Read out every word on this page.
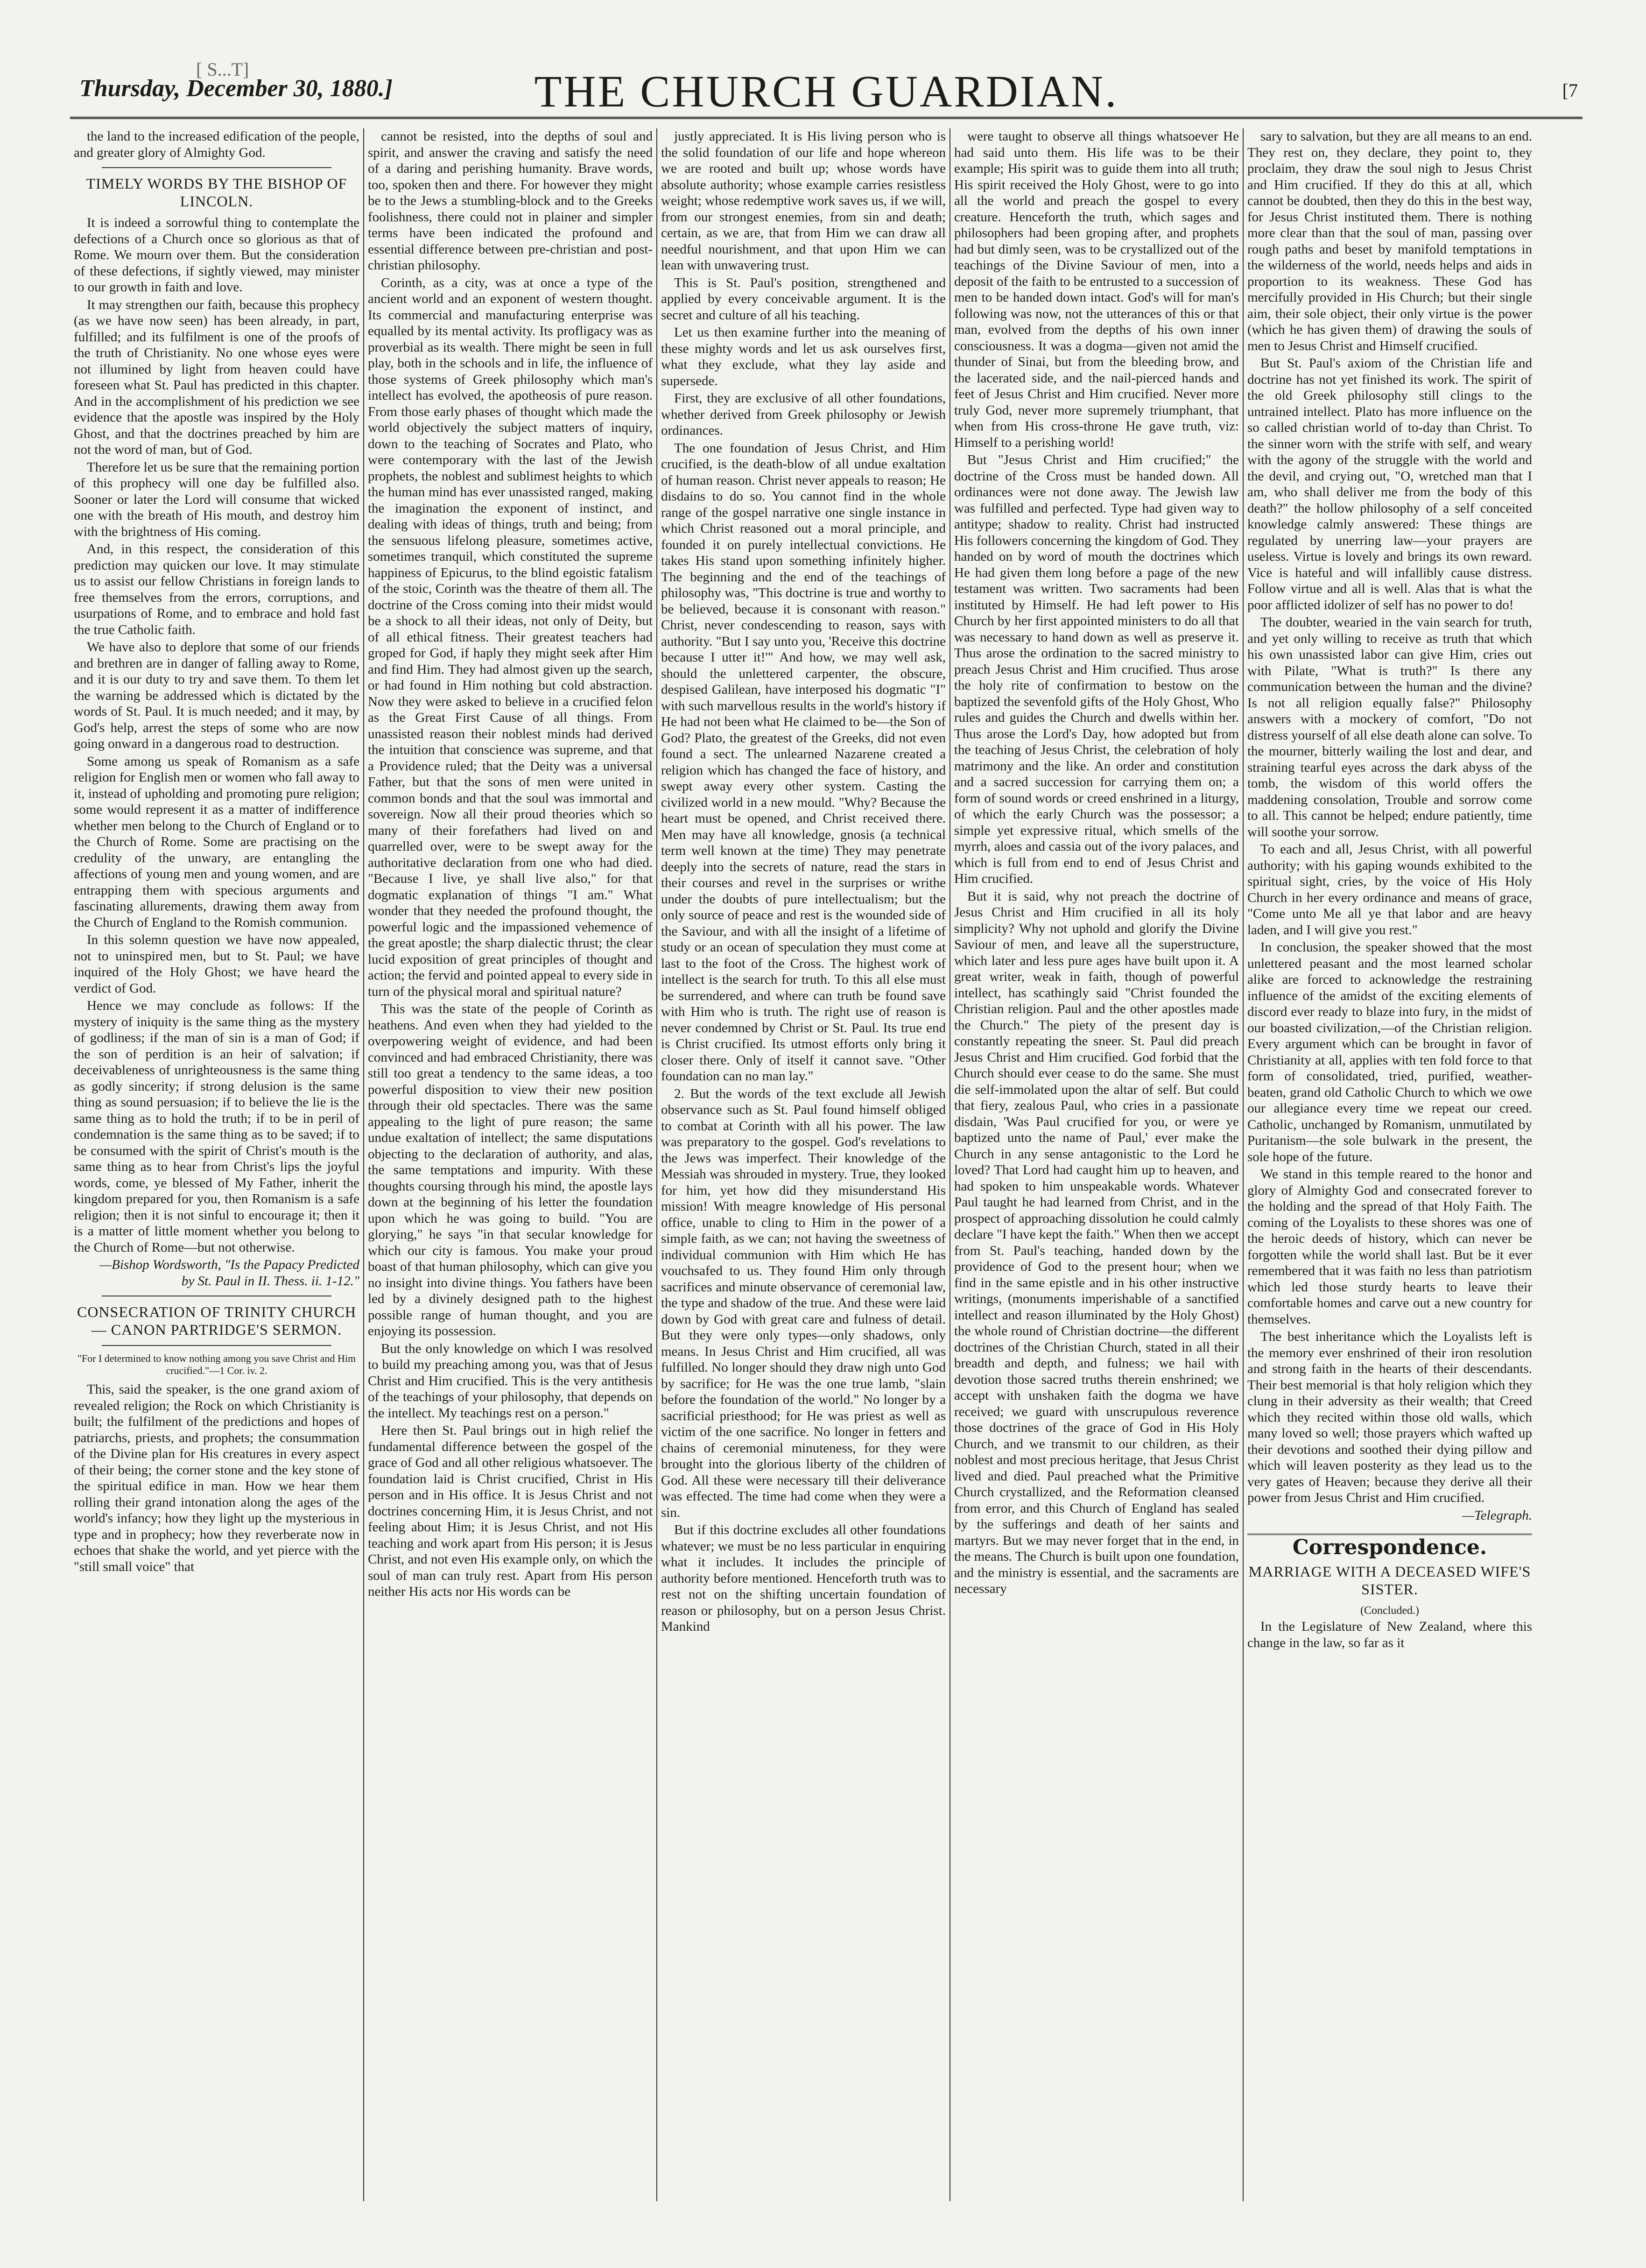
[ S...T]
Thursday, December 30, 1880.]	THE CHURCH GUARDIAN.	[7

the land to the increased edification of the people, and greater glory of Almighty God.

TIMELY WORDS BY THE BISHOP OF LINCOLN.

It is indeed a sorrowful thing to contemplate the defections of a Church once so glorious as that of Rome. We mourn over them. But the consideration of these defections, if sightly viewed, may minister to our growth in faith and love.

It may strengthen our faith, because this prophecy (as we have now seen) has been already, in part, fulfilled; and its fulfilment is one of the proofs of the truth of Christianity. No one whose eyes were not illumined by light from heaven could have foreseen what St. Paul has predicted in this chapter. And in the accomplishment of his prediction we see evidence that the apostle was inspired by the Holy Ghost, and that the doctrines preached by him are not the word of man, but of God.

Therefore let us be sure that the remaining portion of this prophecy will one day be fulfilled also. Sooner or later the Lord will consume that wicked one with the breath of His mouth, and destroy him with the brightness of His coming.

And, in this respect, the consideration of this prediction may quicken our love. It may stimulate us to assist our fellow Christians in foreign lands to free themselves from the errors, corruptions, and usurpations of Rome, and to embrace and hold fast the true Catholic faith.

We have also to deplore that some of our friends and brethren are in danger of falling away to Rome, and it is our duty to try and save them. To them let the warning be addressed which is dictated by the words of St. Paul. It is much needed; and it may, by God's help, arrest the steps of some who are now going onward in a dangerous road to destruction.

Some among us speak of Romanism as a safe religion for English men or women who fall away to it, instead of upholding and promoting pure religion; some would represent it as a matter of indifference whether men belong to the Church of England or to the Church of Rome. Some are practising on the credulity of the unwary, are entangling the affections of young men and young women, and are entrapping them with specious arguments and fascinating allurements, drawing them away from the Church of England to the Romish communion.

In this solemn question we have now appealed, not to uninspired men, but to St. Paul; we have inquired of the Holy Ghost; we have heard the verdict of God.

Hence we may conclude as follows: If the mystery of iniquity is the same thing as the mystery of godliness; if the man of sin is a man of God; if the son of perdition is an heir of salvation; if deceivableness of unrighteousness is the same thing as godly sincerity; if strong delusion is the same thing as sound persuasion; if to believe the lie is the same thing as to hold the truth; if to be in peril of condemnation is the same thing as to be saved; if to be consumed with the spirit of Christ's mouth is the same thing as to hear from Christ's lips the joyful words, come, ye blessed of My Father, inherit the kingdom prepared for you, then Romanism is a safe religion; then it is not sinful to encourage it; then it is a matter of little moment whether you belong to the Church of Rome—but not otherwise.

—Bishop Wordsworth, "Is the Papacy Predicted by St. Paul in II. Thess. ii. 1-12."

CONSECRATION OF TRINITY CHURCH — CANON PARTRIDGE'S SERMON.
"For I determined to know nothing among you save Christ and Him crucified."—1 Cor. iv. 2.

This, said the speaker, is the one grand axiom of revealed religion; the Rock on which Christianity is built; the fulfilment of the predictions and hopes of patriarchs, priests, and prophets; the consummation of the Divine plan for His creatures in every aspect of their being; the corner stone and the key stone of the spiritual edifice in man. How we hear them rolling their grand intonation along the ages of the world's infancy; how they light up the mysterious in type and in prophecy; how they reverberate now in echoes that shake the world, and yet pierce with the "still small voice" that

cannot be resisted, into the depths of soul and spirit, and answer the craving and satisfy the need of a daring and perishing humanity. Brave words, too, spoken then and there. For however they might be to the Jews a stumbling-block and to the Greeks foolishness, there could not in plainer and simpler terms have been indicated the profound and essential difference between pre-christian and post-christian philosophy.

Corinth, as a city, was at once a type of the ancient world and an exponent of western thought. Its commercial and manufacturing enterprise was equalled by its mental activity. Its profligacy was as proverbial as its wealth. There might be seen in full play, both in the schools and in life, the influence of those systems of Greek philosophy which man's intellect has evolved, the apotheosis of pure reason. From those early phases of thought which made the world objectively the subject matters of inquiry, down to the teaching of Socrates and Plato, who were contemporary with the last of the Jewish prophets, the noblest and sublimest heights to which the human mind has ever unassisted ranged, making the imagination the exponent of instinct, and dealing with ideas of things, truth and being; from the sensuous lifelong pleasure, sometimes active, sometimes tranquil, which constituted the supreme happiness of Epicurus, to the blind egoistic fatalism of the stoic, Corinth was the theatre of them all. The doctrine of the Cross coming into their midst would be a shock to all their ideas, not only of Deity, but of all ethical fitness. Their greatest teachers had groped for God, if haply they might seek after Him and find Him. They had almost given up the search, or had found in Him nothing but cold abstraction. Now they were asked to believe in a crucified felon as the Great First Cause of all things. From unassisted reason their noblest minds had derived the intuition that conscience was supreme, and that a Providence ruled; that the Deity was a universal Father, but that the sons of men were united in common bonds and that the soul was immortal and sovereign. Now all their proud theories which so many of their forefathers had lived on and quarrelled over, were to be swept away for the authoritative declaration from one who had died. "Because I live, ye shall live also," for that dogmatic explanation of things "I am." What wonder that they needed the profound thought, the powerful logic and the impassioned vehemence of the great apostle; the sharp dialectic thrust; the clear lucid exposition of great principles of thought and action; the fervid and pointed appeal to every side in turn of the physical moral and spiritual nature?

This was the state of the people of Corinth as heathens. And even when they had yielded to the overpowering weight of evidence, and had been convinced and had embraced Christianity, there was still too great a tendency to the same ideas, a too powerful disposition to view their new position through their old spectacles. There was the same appealing to the light of pure reason; the same undue exaltation of intellect; the same disputations objecting to the declaration of authority, and alas, the same temptations and impurity. With these thoughts coursing through his mind, the apostle lays down at the beginning of his letter the foundation upon which he was going to build. "You are glorying," he says "in that secular knowledge for which our city is famous. You make your proud boast of that human philosophy, which can give you no insight into divine things. You fathers have been led by a divinely designed path to the highest possible range of human thought, and you are enjoying its possession.

But the only knowledge on which I was resolved to build my preaching among you, was that of Jesus Christ and Him crucified. This is the very antithesis of the teachings of your philosophy, that depends on the intellect. My teachings rest on a person."

Here then St. Paul brings out in high relief the fundamental difference between the gospel of the grace of God and all other religious whatsoever. The foundation laid is Christ crucified, Christ in His person and in His office. It is Jesus Christ and not doctrines concerning Him, it is Jesus Christ, and not feeling about Him; it is Jesus Christ, and not His teaching and work apart from His person; it is Jesus Christ, and not even His example only, on which the soul of man can truly rest. Apart from His person neither His acts nor His words can be

justly appreciated. It is His living person who is the solid foundation of our life and hope whereon we are rooted and built up; whose words have absolute authority; whose example carries resistless weight; whose redemptive work saves us, if we will, from our strongest enemies, from sin and death; certain, as we are, that from Him we can draw all needful nourishment, and that upon Him we can lean with unwavering trust.

This is St. Paul's position, strengthened and applied by every conceivable argument. It is the secret and culture of all his teaching.

Let us then examine further into the meaning of these mighty words and let us ask ourselves first, what they exclude, what they lay aside and supersede.

First, they are exclusive of all other foundations, whether derived from Greek philosophy or Jewish ordinances.

The one foundation of Jesus Christ, and Him crucified, is the death-blow of all undue exaltation of human reason. Christ never appeals to reason; He disdains to do so. You cannot find in the whole range of the gospel narrative one single instance in which Christ reasoned out a moral principle, and founded it on purely intellectual convictions. He takes His stand upon something infinitely higher. The beginning and the end of the teachings of philosophy was, "This doctrine is true and worthy to be believed, because it is consonant with reason." Christ, never condescending to reason, says with authority. "But I say unto you, 'Receive this doctrine because I utter it!'" And how, we may well ask, should the unlettered carpenter, the obscure, despised Galilean, have interposed his dogmatic "I" with such marvellous results in the world's history if He had not been what He claimed to be—the Son of God? Plato, the greatest of the Greeks, did not even found a sect. The unlearned Nazarene created a religion which has changed the face of history, and swept away every other system. Casting the civilized world in a new mould. "Why? Because the heart must be opened, and Christ received there. Men may have all knowledge, gnosis (a technical term well known at the time) They may penetrate deeply into the secrets of nature, read the stars in their courses and revel in the surprises or writhe under the doubts of pure intellectualism; but the only source of peace and rest is the wounded side of the Saviour, and with all the insight of a lifetime of study or an ocean of speculation they must come at last to the foot of the Cross. The highest work of intellect is the search for truth. To this all else must be surrendered, and where can truth be found save with Him who is truth. The right use of reason is never condemned by Christ or St. Paul. Its true end is Christ crucified. Its utmost efforts only bring it closer there. Only of itself it cannot save. "Other foundation can no man lay."

2. But the words of the text exclude all Jewish observance such as St. Paul found himself obliged to combat at Corinth with all his power. The law was preparatory to the gospel. God's revelations to the Jews was imperfect. Their knowledge of the Messiah was shrouded in mystery. True, they looked for him, yet how did they misunderstand His mission! With meagre knowledge of His personal office, unable to cling to Him in the power of a simple faith, as we can; not having the sweetness of individual communion with Him which He has vouchsafed to us. They found Him only through sacrifices and minute observance of ceremonial law, the type and shadow of the true. And these were laid down by God with great care and fulness of detail. But they were only types—only shadows, only means. In Jesus Christ and Him crucified, all was fulfilled. No longer should they draw nigh unto God by sacrifice; for He was the one true lamb, "slain before the foundation of the world." No longer by a sacrificial priesthood; for He was priest as well as victim of the one sacrifice. No longer in fetters and chains of ceremonial minuteness, for they were brought into the glorious liberty of the children of God. All these were necessary till their deliverance was effected. The time had come when they were a sin.

But if this doctrine excludes all other foundations whatever; we must be no less particular in enquiring what it includes. It includes the principle of authority before mentioned. Henceforth truth was to rest not on the shifting uncertain foundation of reason or philosophy, but on a person Jesus Christ. Mankind

were taught to observe all things whatsoever He had said unto them. His life was to be their example; His spirit was to guide them into all truth; His spirit received the Holy Ghost, were to go into all the world and preach the gospel to every creature. Henceforth the truth, which sages and philosophers had been groping after, and prophets had but dimly seen, was to be crystallized out of the teachings of the Divine Saviour of men, into a deposit of the faith to be entrusted to a succession of men to be handed down intact. God's will for man's following was now, not the utterances of this or that man, evolved from the depths of his own inner consciousness. It was a dogma—given not amid the thunder of Sinai, but from the bleeding brow, and the lacerated side, and the nail-pierced hands and feet of Jesus Christ and Him crucified. Never more truly God, never more supremely triumphant, that when from His cross-throne He gave truth, viz: Himself to a perishing world!

But "Jesus Christ and Him crucified;" the doctrine of the Cross must be handed down. All ordinances were not done away. The Jewish law was fulfilled and perfected. Type had given way to antitype; shadow to reality. Christ had instructed His followers concerning the kingdom of God. They handed on by word of mouth the doctrines which He had given them long before a page of the new testament was written. Two sacraments had been instituted by Himself. He had left power to His Church by her first appointed ministers to do all that was necessary to hand down as well as preserve it. Thus arose the ordination to the sacred ministry to preach Jesus Christ and Him crucified. Thus arose the holy rite of confirmation to bestow on the baptized the sevenfold gifts of the Holy Ghost, Who rules and guides the Church and dwells within her. Thus arose the Lord's Day, how adopted but from the teaching of Jesus Christ, the celebration of holy matrimony and the like. An order and constitution and a sacred succession for carrying them on; a form of sound words or creed enshrined in a liturgy, of which the early Church was the possessor; a simple yet expressive ritual, which smells of the myrrh, aloes and cassia out of the ivory palaces, and which is full from end to end of Jesus Christ and Him crucified.

But it is said, why not preach the doctrine of Jesus Christ and Him crucified in all its holy simplicity? Why not uphold and glorify the Divine Saviour of men, and leave all the superstructure, which later and less pure ages have built upon it. A great writer, weak in faith, though of powerful intellect, has scathingly said "Christ founded the Christian religion. Paul and the other apostles made the Church." The piety of the present day is constantly repeating the sneer. St. Paul did preach Jesus Christ and Him crucified. God forbid that the Church should ever cease to do the same. She must die self-immolated upon the altar of self. But could that fiery, zealous Paul, who cries in a passionate disdain, 'Was Paul crucified for you, or were ye baptized unto the name of Paul,' ever make the Church in any sense antagonistic to the Lord he loved? That Lord had caught him up to heaven, and had spoken to him unspeakable words. Whatever Paul taught he had learned from Christ, and in the prospect of approaching dissolution he could calmly declare "I have kept the faith." When then we accept from St. Paul's teaching, handed down by the providence of God to the present hour; when we find in the same epistle and in his other instructive writings, (monuments imperishable of a sanctified intellect and reason illuminated by the Holy Ghost) the whole round of Christian doctrine—the different doctrines of the Christian Church, stated in all their breadth and depth, and fulness; we hail with devotion those sacred truths therein enshrined; we accept with unshaken faith the dogma we have received; we guard with unscrupulous reverence those doctrines of the grace of God in His Holy Church, and we transmit to our children, as their noblest and most precious heritage, that Jesus Christ lived and died. Paul preached what the Primitive Church crystallized, and the Reformation cleansed from error, and this Church of England has sealed by the sufferings and death of her saints and martyrs. But we may never forget that in the end, in the means. The Church is built upon one foundation, and the ministry is essential, and the sacraments are necessary

sary to salvation, but they are all means to an end. They rest on, they declare, they point to, they proclaim, they draw the soul nigh to Jesus Christ and Him crucified. If they do this at all, which cannot be doubted, then they do this in the best way, for Jesus Christ instituted them. There is nothing more clear than that the soul of man, passing over rough paths and beset by manifold temptations in the wilderness of the world, needs helps and aids in proportion to its weakness. These God has mercifully provided in His Church; but their single aim, their sole object, their only virtue is the power (which he has given them) of drawing the souls of men to Jesus Christ and Himself crucified.

But St. Paul's axiom of the Christian life and doctrine has not yet finished its work. The spirit of the old Greek philosophy still clings to the untrained intellect. Plato has more influence on the so called christian world of to-day than Christ. To the sinner worn with the strife with self, and weary with the agony of the struggle with the world and the devil, and crying out, "O, wretched man that I am, who shall deliver me from the body of this death?" the hollow philosophy of a self conceited knowledge calmly answered: These things are regulated by unerring law—your prayers are useless. Virtue is lovely and brings its own reward. Vice is hateful and will infallibly cause distress. Follow virtue and all is well. Alas that is what the poor afflicted idolizer of self has no power to do!

The doubter, wearied in the vain search for truth, and yet only willing to receive as truth that which his own unassisted labor can give Him, cries out with Pilate, "What is truth?" Is there any communication between the human and the divine? Is not all religion equally false?" Philosophy answers with a mockery of comfort, "Do not distress yourself of all else death alone can solve. To the mourner, bitterly wailing the lost and dear, and straining tearful eyes across the dark abyss of the tomb, the wisdom of this world offers the maddening consolation, Trouble and sorrow come to all. This cannot be helped; endure patiently, time will soothe your sorrow.

To each and all, Jesus Christ, with all powerful authority; with his gaping wounds exhibited to the spiritual sight, cries, by the voice of His Holy Church in her every ordinance and means of grace, "Come unto Me all ye that labor and are heavy laden, and I will give you rest."

In conclusion, the speaker showed that the most unlettered peasant and the most learned scholar alike are forced to acknowledge the restraining influence of the amidst of the exciting elements of discord ever ready to blaze into fury, in the midst of our boasted civilization,—of the Christian religion. Every argument which can be brought in favor of Christianity at all, applies with ten fold force to that form of consolidated, tried, purified, weather-beaten, grand old Catholic Church to which we owe our allegiance every time we repeat our creed. Catholic, unchanged by Romanism, unmutilated by Puritanism—the sole bulwark in the present, the sole hope of the future.

We stand in this temple reared to the honor and glory of Almighty God and consecrated forever to the holding and the spread of that Holy Faith. The coming of the Loyalists to these shores was one of the heroic deeds of history, which can never be forgotten while the world shall last. But be it ever remembered that it was faith no less than patriotism which led those sturdy hearts to leave their comfortable homes and carve out a new country for themselves.

The best inheritance which the Loyalists left is the memory ever enshrined of their iron resolution and strong faith in the hearts of their descendants. Their best memorial is that holy religion which they clung in their adversity as their wealth; that Creed which they recited within those old walls, which many loved so well; those prayers which wafted up their devotions and soothed their dying pillow and which will leaven posterity as they lead us to the very gates of Heaven; because they derive all their power from Jesus Christ and Him crucified.

—Telegraph.

Correspondence.
MARRIAGE WITH A DECEASED WIFE'S SISTER.
(Concluded.)

In the Legislature of New Zealand, where this change in the law, so far as it
